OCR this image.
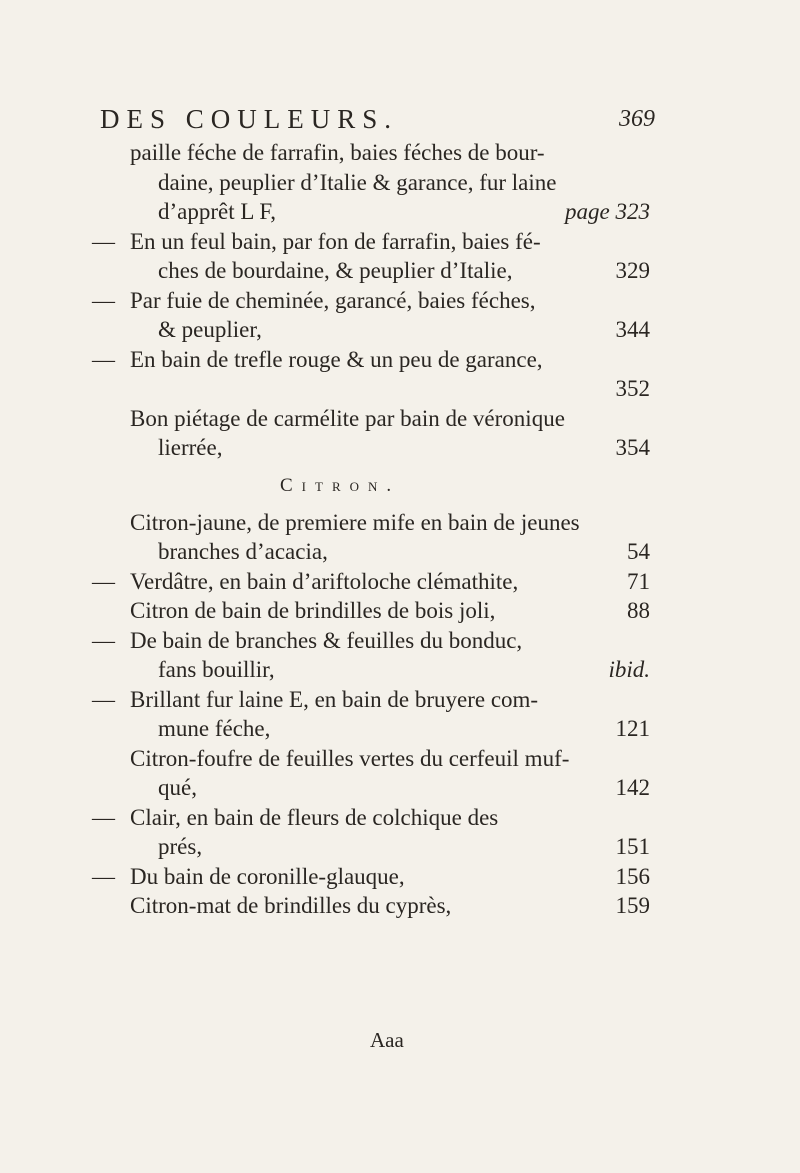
DES COULEURS.	369
paille féche de farrafin, baies féches de bour-
daine, peuplier d’Italie & garance, fur laine
d’apprêt L F,	page 323
— En un feul bain, par fon de farrafin, baies fé-
ches de bourdaine, & peuplier d’Italie,	329
— Par fuie de cheminée, garancé, baies féches,
& peuplier,	344
— En bain de trefle rouge & un peu de garance,
352
Bon piétage de carmélite par bain de véronique
lierrée,	354
Citron.
Citron-jaune, de premiere mife en bain de jeunes
branches d’acacia,	54
— Verdâtre, en bain d’ariftoloche clémathite,	71
Citron de bain de brindilles de bois joli,	88
— De bain de branches & feuilles du bonduc,
fans bouillir,	ibid.
— Brillant fur laine E, en bain de bruyere com-
mune féche,	121
Citron-foufre de feuilles vertes du cerfeuil muf-
qué,	142
— Clair, en bain de fleurs de colchique des
prés,	151
— Du bain de coronille-glauque,	156
Citron-mat de brindilles du cyprès,	159
Aaa
